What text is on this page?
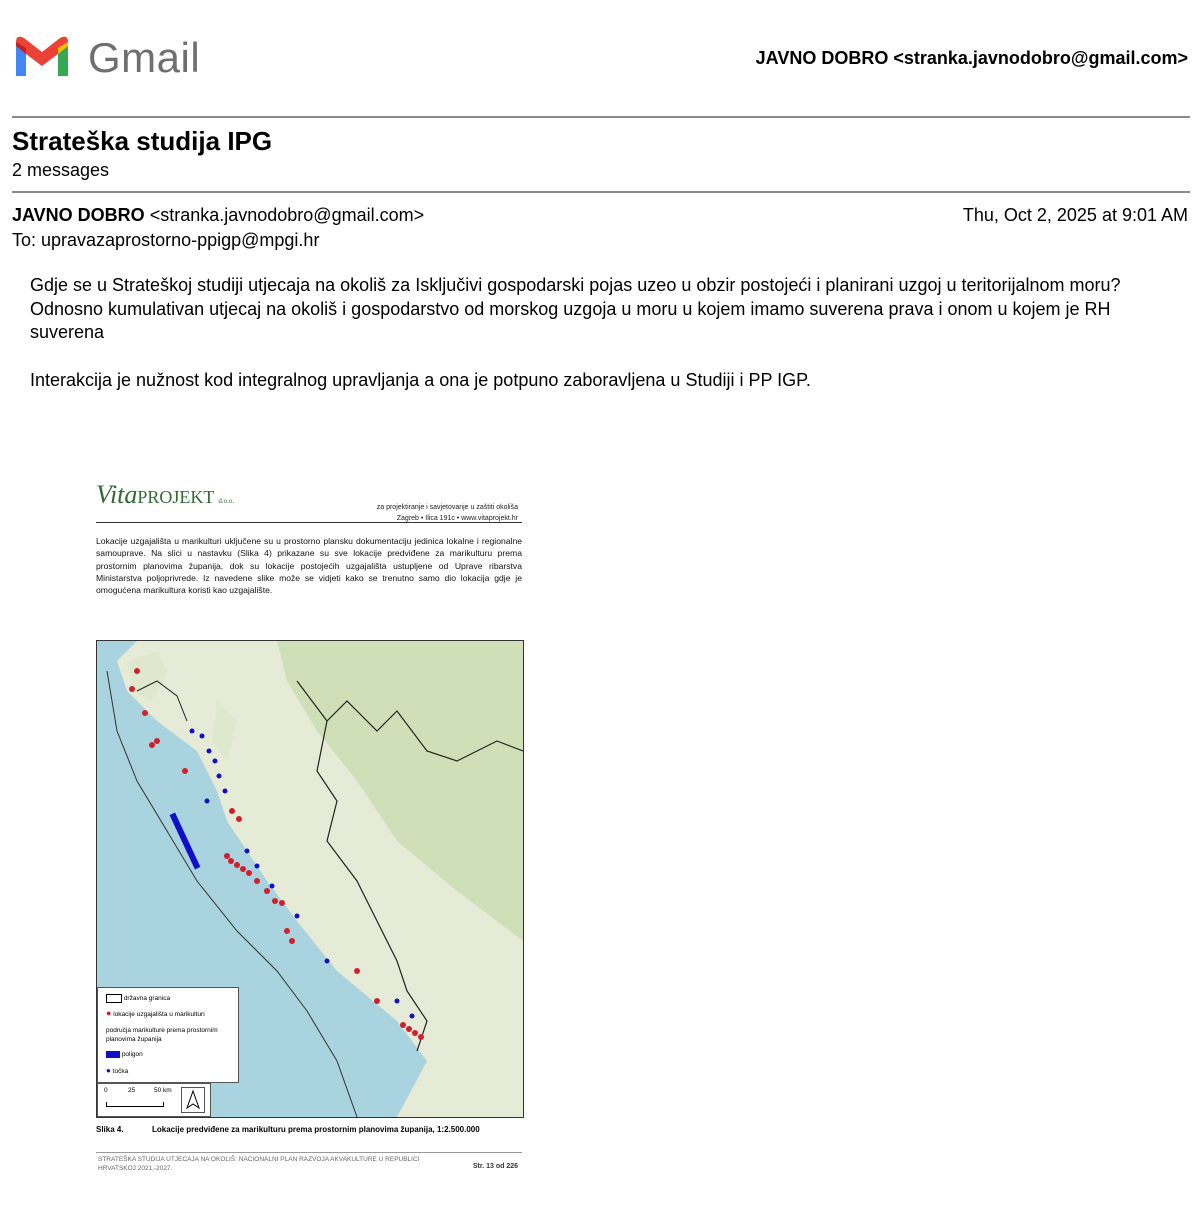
Gmail	JAVNO DOBRO <stranka.javnodobro@gmail.com>
Strateška studija IPG
2 messages
JAVNO DOBRO <stranka.javnodobro@gmail.com>	Thu, Oct 2, 2025 at 9:01 AM
To: upravazaprostorno-ppigp@mpgi.hr

Gdje se u Strateškoj studiji utjecaja na okoliš za Isključivi gospodarski pojas uzeo u obzir postojeći i planirani uzgoj u teritorijalnom moru?

Odnosno kumulativan utjecaj na okoliš i gospodarstvo od morskog uzgoja u moru u kojem imamo suverena prava i onom u kojem je RH suverena

Interakcija je nužnost kod integralnog upravljanja a ona je potpuno zaboravljena u Studiji i PP IGP.

VitaPROJEKT d.o.o.
za projektiranje i savjetovanje u zaštiti okoliša
Zagreb • Ilica 191c • www.vitaprojekt.hr
Lokacije uzgajališta u marikulturi uključene su u prostorno plansku dokumentaciju jedinica lokalne i regionalne samouprave. Na slici u nastavku (Slika 4) prikazane su sve lokacije predviđene za marikulturu prema prostornim planovima županija, dok su lokacije postojećih uzgajališta ustupljene od Uprave ribarstva Ministarstva poljoprivrede. Iz navedene slike može se vidjeti kako se trenutno samo dio lokacija gdje je omogućena marikultura koristi kao uzgajalište.
državna granica
● lokacije uzgajališta u marikulturi
područja marikulture prema prostornim planovima županija
poligon
● točka
0	25	50 km
Slika 4.	Lokacije predviđene za marikulturu prema prostornim planovima županija, 1:2.500.000
STRATEŠKA STUDIJA UTJECAJA NA OKOLIŠ: NACIONALNI PLAN RAZVOJA AKVAKULTURE U REPUBLICI HRVATSKOJ 2021.-2027.	Str. 13 od 226
